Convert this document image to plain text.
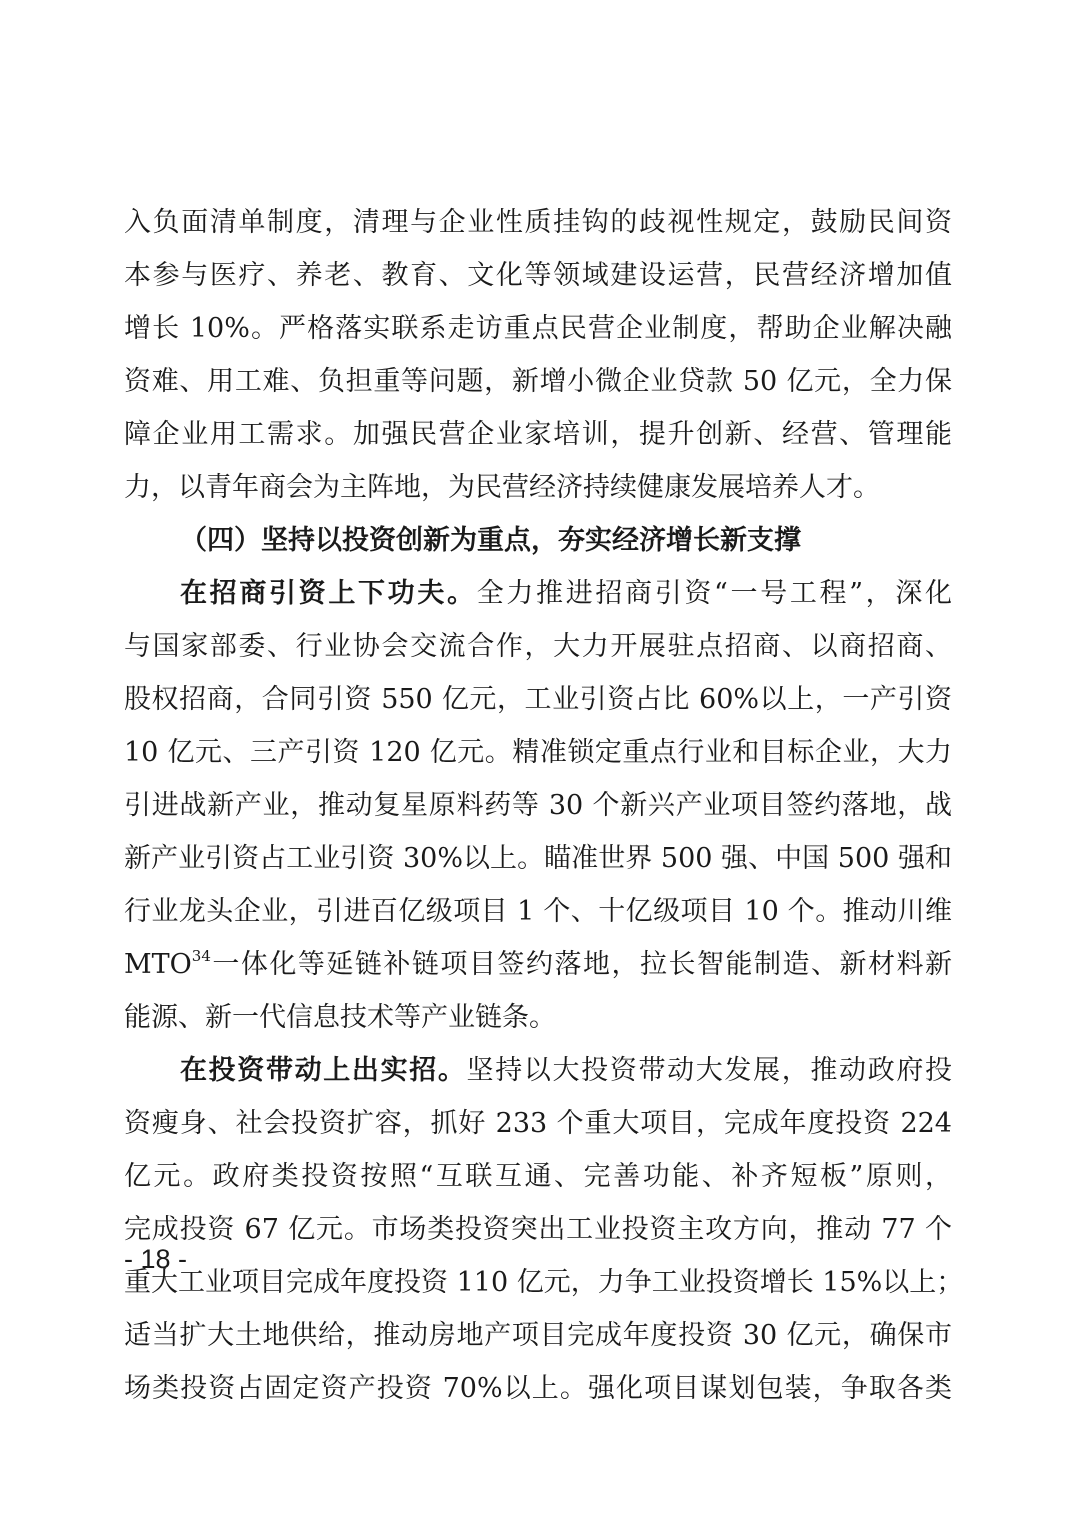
入负面清单制度，清理与企业性质挂钩的歧视性规定，鼓励民间资
本参与医疗、养老、教育、文化等领域建设运营，民营经济增加值
增长 10%。严格落实联系走访重点民营企业制度，帮助企业解决融
资难、用工难、负担重等问题，新增小微企业贷款 50 亿元，全力保
障企业用工需求。加强民营企业家培训，提升创新、经营、管理能
力，以青年商会为主阵地，为民营经济持续健康发展培养人才。
（四）坚持以投资创新为重点，夯实经济增长新支撑
在招商引资上下功夫。全力推进招商引资“一号工程”，深化
与国家部委、行业协会交流合作，大力开展驻点招商、以商招商、
股权招商，合同引资 550 亿元，工业引资占比 60%以上，一产引资
10 亿元、三产引资 120 亿元。精准锁定重点行业和目标企业，大力
引进战新产业，推动复星原料药等 30 个新兴产业项目签约落地，战
新产业引资占工业引资 30%以上。瞄准世界 500 强、中国 500 强和
行业龙头企业，引进百亿级项目 1 个、十亿级项目 10 个。推动川维
MTO$^{34}$一体化等延链补链项目签约落地，拉长智能制造、新材料新
能源、新一代信息技术等产业链条。
在投资带动上出实招。坚持以大投资带动大发展，推动政府投
资瘦身、社会投资扩容，抓好 233 个重大项目，完成年度投资 224
亿元。政府类投资按照“互联互通、完善功能、补齐短板”原则，
完成投资 67 亿元。市场类投资突出工业投资主攻方向，推动 77 个
重大工业项目完成年度投资 110 亿元，力争工业投资增长 15%以上；
适当扩大土地供给，推动房地产项目完成年度投资 30 亿元，确保市
场类投资占固定资产投资 70%以上。强化项目谋划包装，争取各类
- 18 -
